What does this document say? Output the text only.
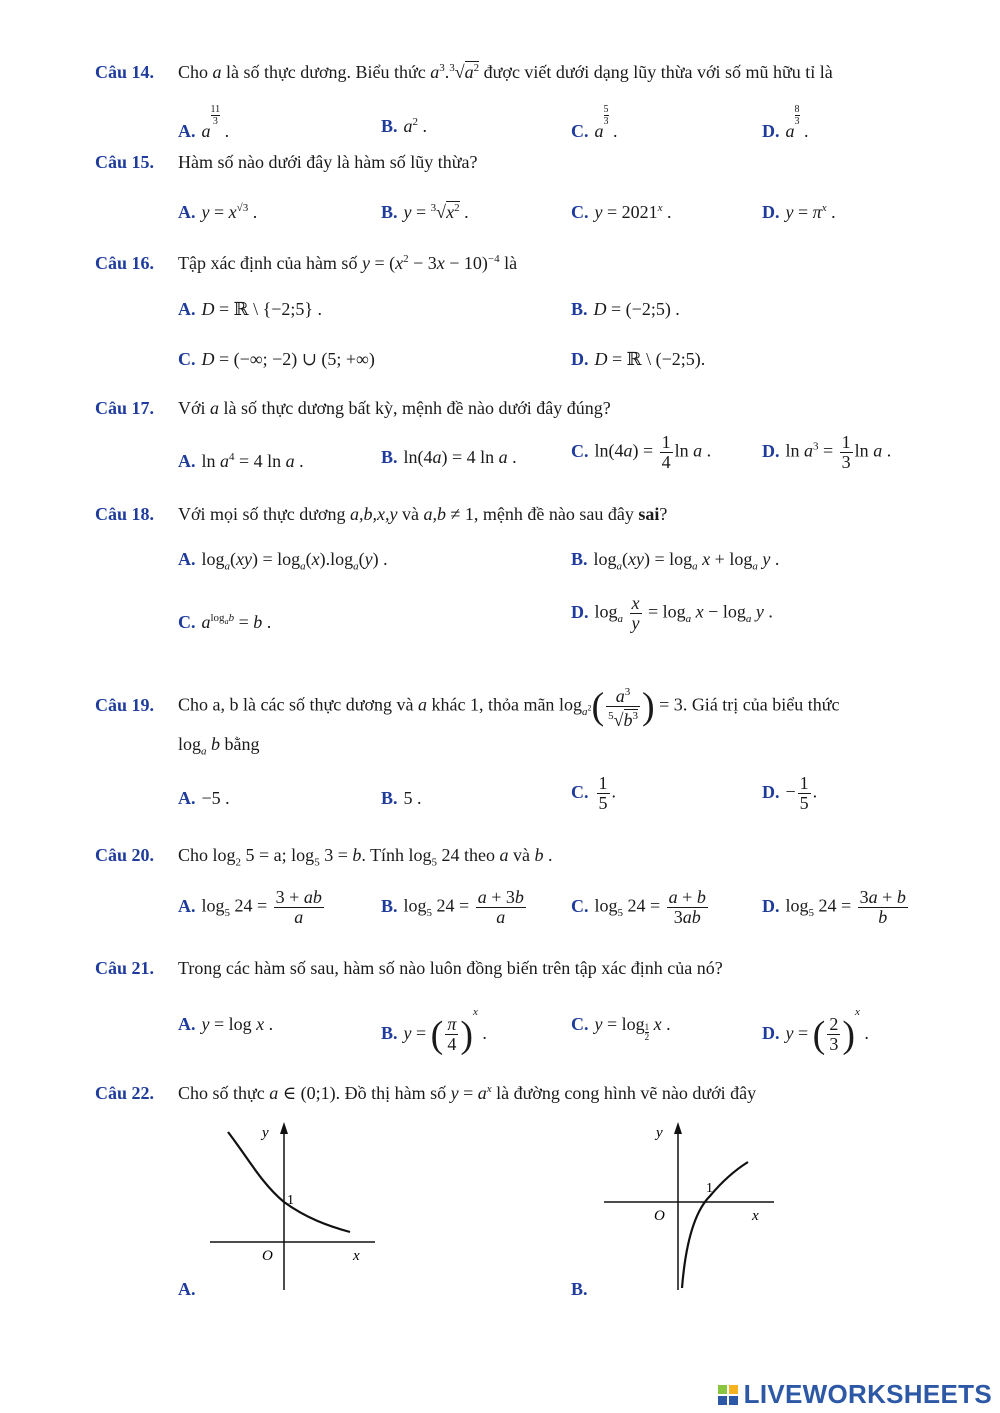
Câu 14. Cho a là số thực dương. Biểu thức $a^3.^3√a^2$ được viết dưới dạng lũy thừa với số mũ hữu tỉ là
A. a
$^{\frac{11}{3}}$
.	B. $a^2$ .	C. a
$^{\frac{5}{3}}$
.	D. a
$^{\frac{8}{3}}$
.
Câu 15. Hàm số nào dưới đây là hàm số lũy thừa?
A. $y = x^{√3}$ .	B. $y = ^3√x^2$ .	C. $y = 2021^x$ .	D. $y = \pi^x$ .
Câu 16. Tập xác định của hàm số $y = (x^2 - 3x - 10)^{-4}$ là
A. D = ℝ \ {−2;5} .	B. D = (−2;5) .
C. D = (−∞; −2) ∪ (5; +∞)	D. D = ℝ \ (−2;5).
Câu 17. Với a là số thực dương bất kỳ, mệnh đề nào dưới đây đúng?
A. $\ln a^4 = 4$ ln a .	B. ln(4a) = 4 ln a .	C. $\ln(4a) = \frac{1}{4}$ ln a .	D. $\ln a^3 = \frac{1}{3}$ ln a .
Câu 18. Với mọi số thực dương a,b,x,y và a,b ≠ 1, mệnh đề nào sau đây sai?
A. $\log_a(xy) = \log_a(x).\log_a(y)$ .	B. $\log_a(xy) = \log_a x + \log_a y$ .
C. $a^{log_ab} = b$ .
D. $\log_a \frac{x}{y} = \log_a x - \log_a y$ .
Câu 19. Cho a, b là các số thực dương và a khác 1, thỏa mãn $\log_{a^2}( \frac{a^3}{^5√b^3}$ ) = 3. Giá trị của biểu thức
$\log_a b$ bằng
A. −5 .	B. 5 .	C. $\frac{1}{5}$ .	D. − $\frac{1}{5}$ .
Câu 20. Cho $\log_2 5 = a$; $\log_5 3 = b$. Tính $\log_5 24$ theo a và b .
A. $\log_5 24 = \frac{3 + ab}{a}$	B. $\log_5 24 = \frac{a + 3b}{a}$	C. $\log_5 24 = \frac{a + b}{3ab}$	D. $\log_5 24 = \frac{3a + b}{b}$
Câu 21. Trong các hàm số sau, hàm số nào luôn đồng biến trên tập xác định của nó?
A. y = log x .	B. y = ( $\frac{\pi}{4} )^x$ .	C. y = log $_{\frac{1}{2}}$ x .	D. y = ( $\frac{2}{3} )^x$ .
Câu 22. Cho số thực a ∈ (0;1). Đồ thị hàm số $y = a^x$ là đường cong hình vẽ nào dưới đây
y
1
O	x
A.
y
1
O	x
B.
LIVEWORKSHEETS
